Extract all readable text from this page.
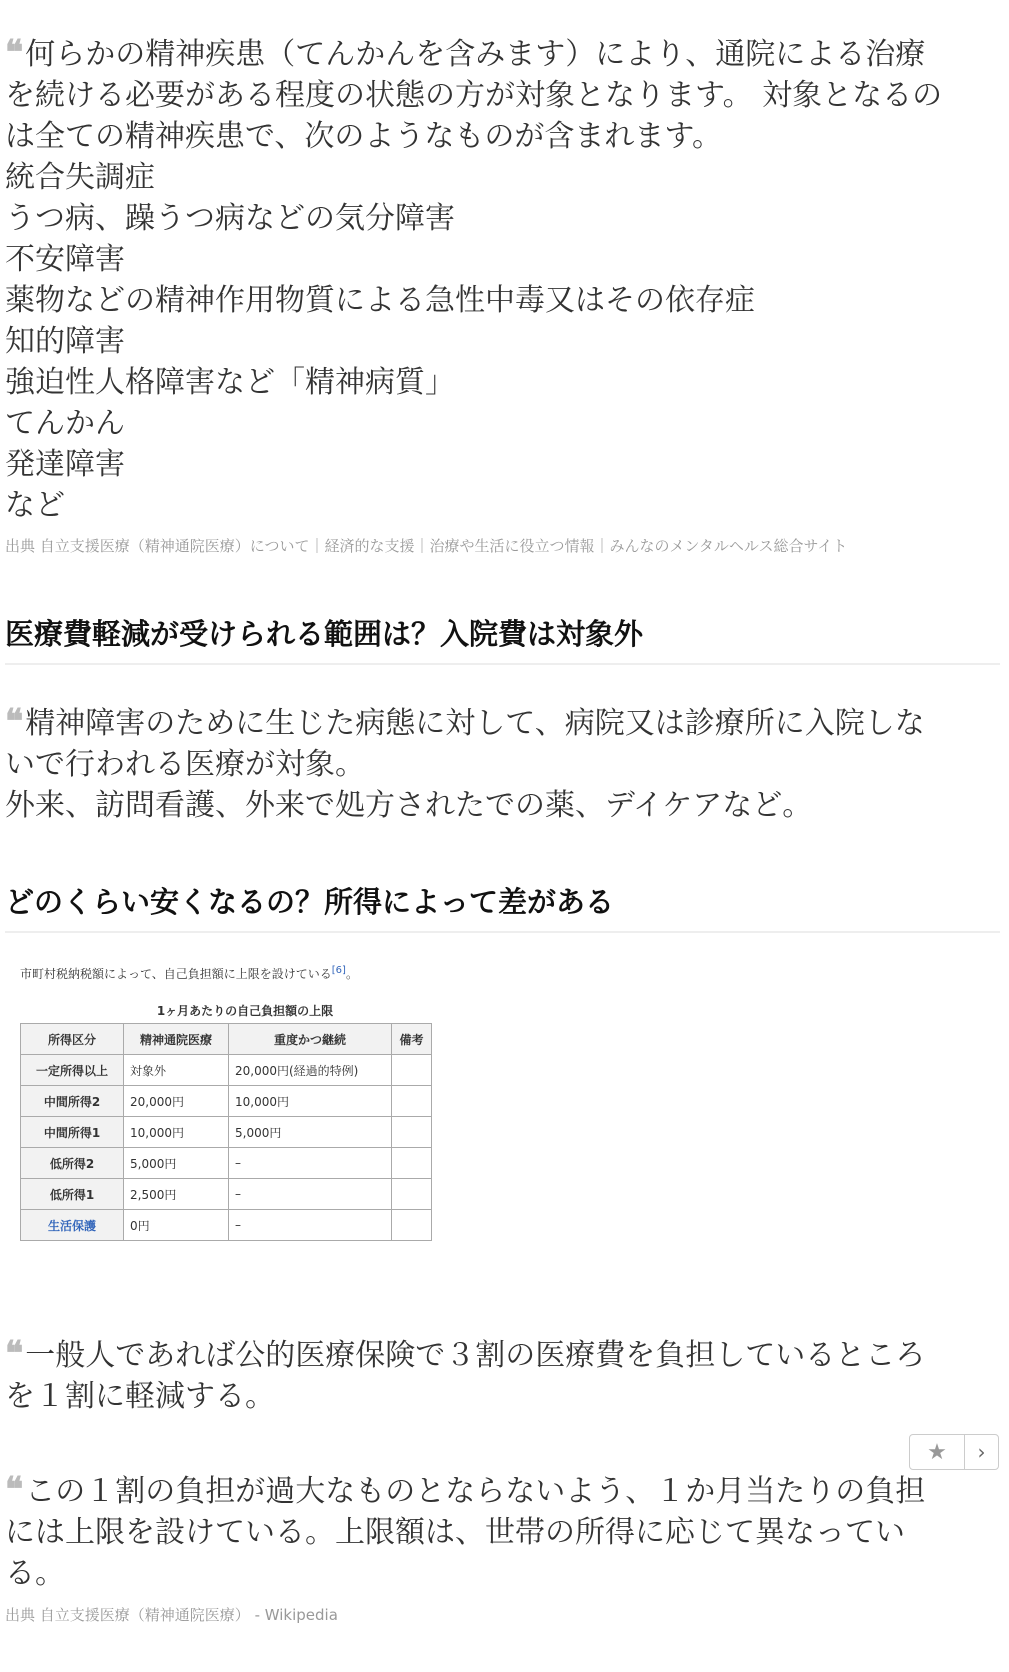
❝何らかの精神疾患（てんかんを含みます）により、通院による治療
を続ける必要がある程度の状態の方が対象となります。 対象となるの
は全ての精神疾患で、次のようなものが含まれます。
統合失調症
うつ病、躁うつ病などの気分障害
不安障害
薬物などの精神作用物質による急性中毒又はその依存症
知的障害
強迫性人格障害など「精神病質」
てんかん
発達障害
など
出典 自立支援医療（精神通院医療）について｜経済的な支援｜治療や生活に役立つ情報｜みんなのメンタルヘルス総合サイト
医療費軽減が受けられる範囲は？入院費は対象外
❝精神障害のために生じた病態に対して、病院又は診療所に入院しな
いで行われる医療が対象。
外来、訪問看護、外来で処方されたでの薬、デイケアなど。
どのくらい安くなるの？所得によって差がある
市町村税納税額によって、自己負担額に上限を設けている[6]。
1ヶ月あたりの自己負担額の上限
所得区分	精神通院医療	重度かつ継続	備考
一定所得以上	対象外	20,000円(経過的特例)	
中間所得2	20,000円	10,000円	
中間所得1	10,000円	5,000円	
低所得2	5,000円	–	
低所得1	2,500円	–	
生活保護	0円	–	
❝一般人であれば公的医療保険で３割の医療費を負担しているところ
を１割に軽減する。
★	›
❝この１割の負担が過大なものとならないよう、１か月当たりの負担
には上限を設けている。上限額は、世帯の所得に応じて異なってい
る。
出典 自立支援医療（精神通院医療） - Wikipedia
